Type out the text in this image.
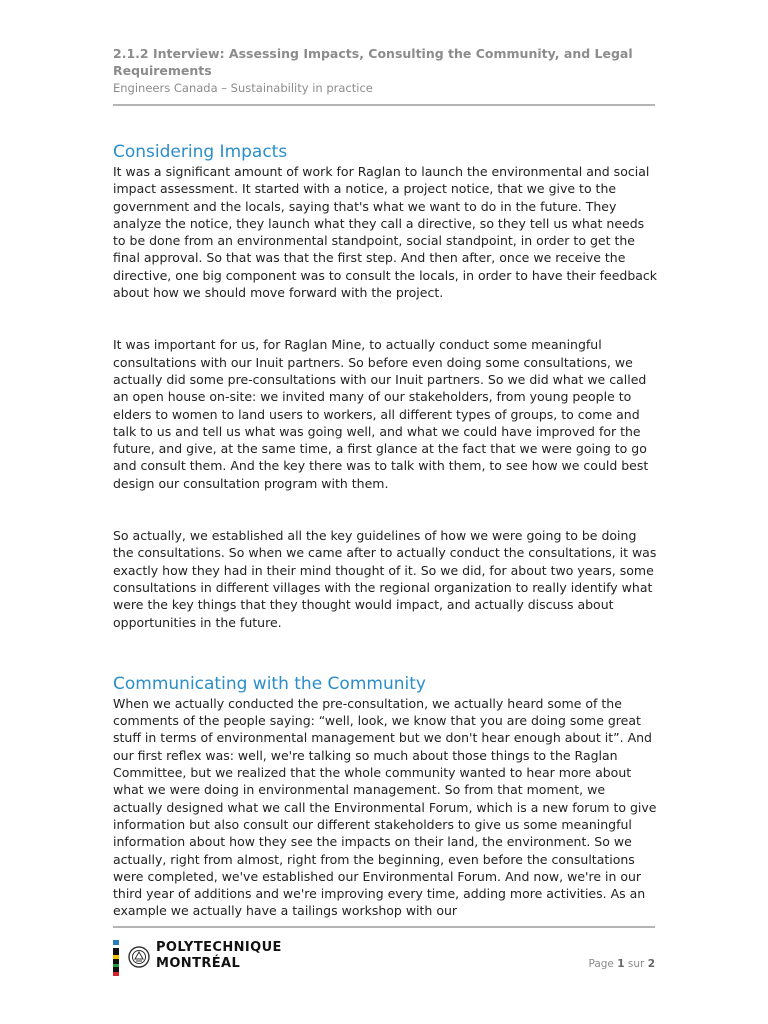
2.1.2 Interview: Assessing Impacts, Consulting the Community, and Legal Requirements

Engineers Canada – Sustainability in practice

Considering Impacts

It was a significant amount of work for Raglan to launch the environmental and social impact assessment. It started with a notice, a project notice, that we give to the government and the locals, saying that's what we want to do in the future. They analyze the notice, they launch what they call a directive, so they tell us what needs to be done from an environmental standpoint, social standpoint, in order to get the final approval. So that was that the first step. And then after, once we receive the directive, one big component was to consult the locals, in order to have their feedback about how we should move forward with the project.

It was important for us, for Raglan Mine, to actually conduct some meaningful consultations with our Inuit partners. So before even doing some consultations, we actually did some pre-consultations with our Inuit partners. So we did what we called an open house on-site: we invited many of our stakeholders, from young people to elders to women to land users to workers, all different types of groups, to come and talk to us and tell us what was going well, and what we could have improved for the future, and give, at the same time, a first glance at the fact that we were going to go and consult them. And the key there was to talk with them, to see how we could best design our consultation program with them.

So actually, we established all the key guidelines of how we were going to be doing the consultations. So when we came after to actually conduct the consultations, it was exactly how they had in their mind thought of it. So we did, for about two years, some consultations in different villages with the regional organization to really identify what were the key things that they thought would impact, and actually discuss about opportunities in the future.

Communicating with the Community

When we actually conducted the pre-consultation, we actually heard some of the comments of the people saying: “well, look, we know that you are doing some great stuff in terms of environmental management but we don't hear enough about it”. And our first reflex was: well, we're talking so much about those things to the Raglan Committee, but we realized that the whole community wanted to hear more about what we were doing in environmental management. So from that moment, we actually designed what we call the Environmental Forum, which is a new forum to give information but also consult our different stakeholders to give us some meaningful information about how they see the impacts on their land, the environment. So we actually, right from almost, right from the beginning, even before the consultations were completed, we've established our Environmental Forum. And now, we're in our third year of additions and we're improving every time, adding more activities. As an example we actually have a tailings workshop with our

POLYTECHNIQUE
MONTRÉAL	Page 1 sur 2
